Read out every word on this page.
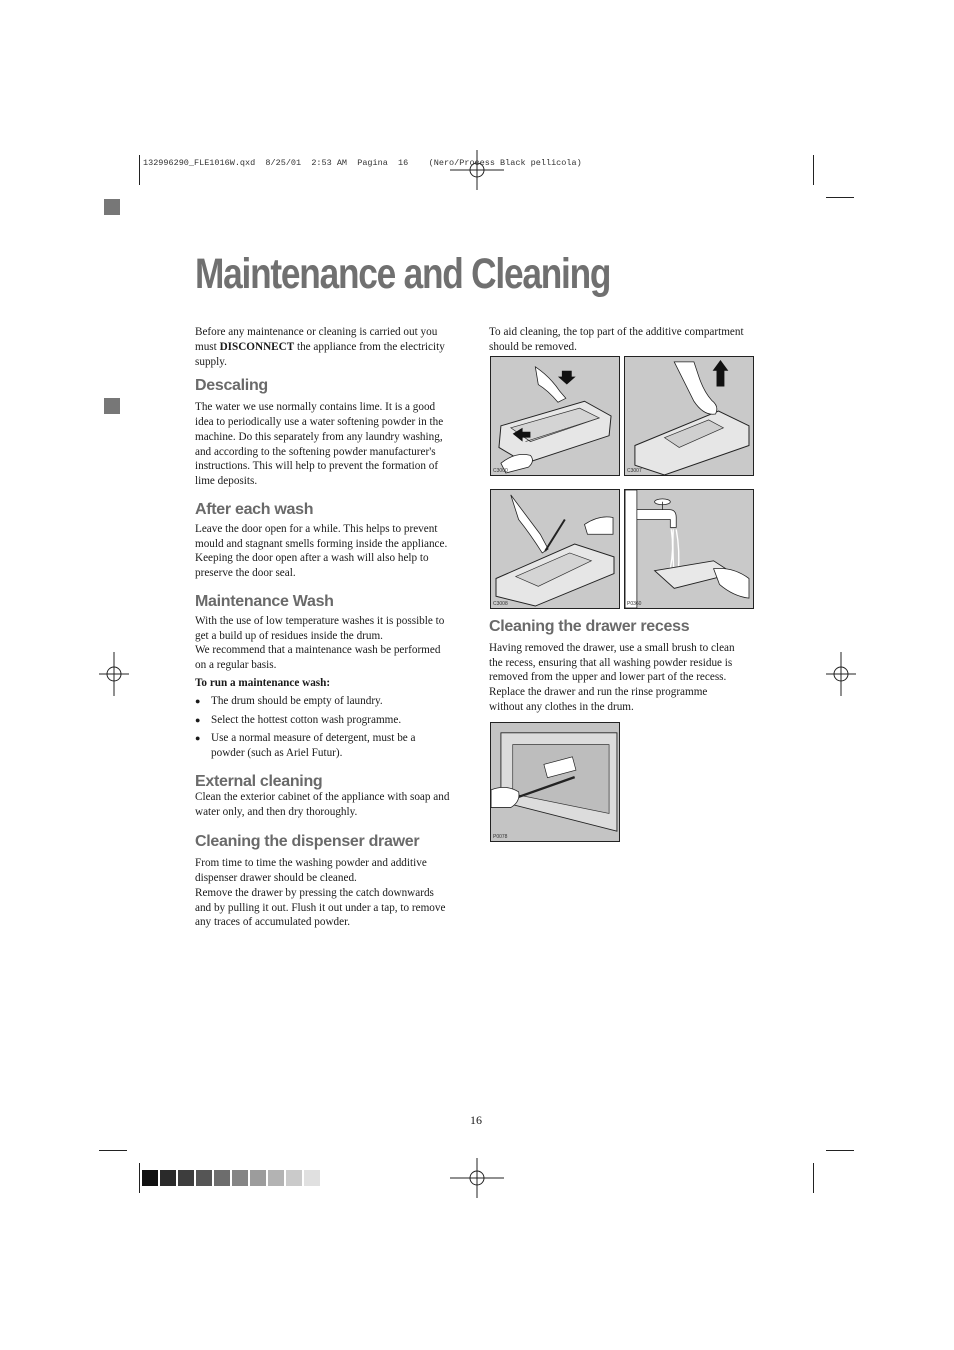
132996290_FLE1016W.qxd  8/25/01  2:53 AM  Pagina  16    (Nero/Process Black pellicola)
Maintenance and Cleaning

Before any maintenance or cleaning is carried out you
must DISCONNECT the appliance from the electricity
supply.

Descaling

The water we use normally contains lime. It is a good
idea to periodically use a water softening powder in the
machine. Do this separately from any laundry washing,
and according to the softening powder manufacturer's
instructions. This will help to prevent the formation of
lime deposits.

After each wash

Leave the door open for a while. This helps to prevent
mould and stagnant smells forming inside the appliance.
Keeping the door open after a wash will also help to
preserve the door seal.

Maintenance Wash

With the use of low temperature washes it is possible to
get a build up of residues inside the drum.
We recommend that a maintenance wash be performed
on a regular basis.

To run a maintenance wash:

● The drum should be empty of laundry.
● Select the hottest cotton wash programme.
● Use a normal measure of detergent, must be a powder (such as Ariel Futur).
External cleaning

Clean the exterior cabinet of the appliance with soap and
water only, and then dry thoroughly.

Cleaning the dispenser drawer

From time to time the washing powder and additive
dispenser drawer should be cleaned.
Remove the drawer by pressing the catch downwards
and by pulling it out. Flush it out under a tap, to remove
any traces of accumulated powder.

To aid cleaning, the top part of the additive compartment
should be removed.

C3000	C3007
C3008	P0360
Cleaning the drawer recess

Having removed the drawer, use a small brush to clean
the recess, ensuring that all washing powder residue is
removed from the upper and lower part of the recess.
Replace the drawer and run the rinse programme
without any clothes in the drum.

P0078
16
